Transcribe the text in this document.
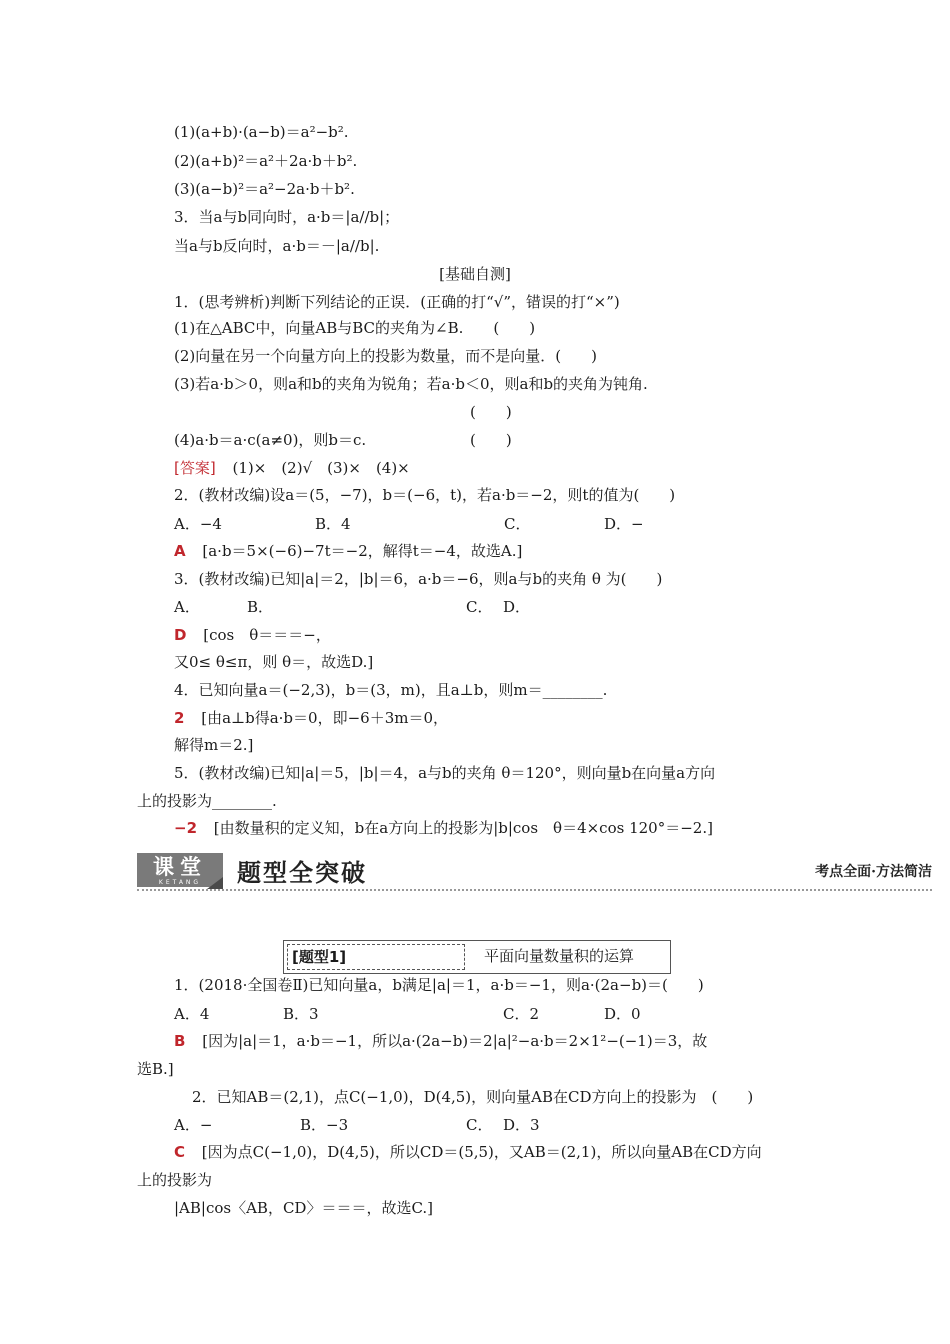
(1)(a+b)·(a−b)＝a²−b².
(2)(a+b)²＝a²＋2a·b＋b².
(3)(a−b)²＝a²−2a·b＋b².
3．当a与b同向时，a·b＝|a//b|；
当a与b反向时，a·b＝－|a//b|.
[基础自测]
1．(思考辨析)判断下列结论的正误．(正确的打“√”，错误的打“×”)
(1)在△ABC中，向量AB与BC的夹角为∠B.　　(　　)
(2)向量在另一个向量方向上的投影为数量，而不是向量．(　　)
(3)若a·b＞0，则a和b的夹角为锐角；若a·b＜0，则a和b的夹角为钝角.
(　　)
(4)a·b＝a·c(a≠0)，则b＝c.	(　　)
[答案] (1)×　(2)√　(3)×　(4)×
2．(教材改编)设a＝(5，−7)，b＝(−6，t)，若a·b＝−2，则t的值为(　　)
A．−4	B．4	C．	D．−
A [a·b＝5×(−6)−7t＝−2，解得t＝−4，故选A.]
3．(教材改编)已知|a|＝2，|b|＝6，a·b＝−6，则a与b的夹角 θ 为(　　)
A．	B．	C． D．
D [cos　θ＝＝＝−，
又0≤ θ≤π，则 θ＝，故选D.]
4．已知向量a＝(−2,3)，b＝(3，m)，且a⊥b，则m＝________.
2 [由a⊥b得a·b＝0，即−6＋3m＝0，
解得m＝2.]
5．(教材改编)已知|a|＝5，|b|＝4，a与b的夹角 θ＝120°，则向量b在向量a方向
上的投影为________.
−2 [由数量积的定义知，b在a方向上的投影为|b|cos　θ＝4×cos 120°＝−2.]
课堂
KETANG	题型全突破	考点全面·方法简洁
[题型1]	平面向量数量积的运算
1．(2018·全国卷Ⅱ)已知向量a，b满足|a|＝1，a·b＝−1，则a·(2a−b)＝(　　)
A．4	B．3	C．2	D．0
B [因为|a|＝1，a·b＝−1，所以a·(2a−b)＝2|a|²−a·b＝2×1²−(−1)＝3，故
选B.]
2．已知AB＝(2,1)，点C(−1,0)，D(4,5)，则向量AB在CD方向上的投影为　(　　)
A．−	B．−3	C． D．3
C [因为点C(−1,0)，D(4,5)，所以CD＝(5,5)，又AB＝(2,1)，所以向量AB在CD方向
上的投影为
|AB|cos〈AB，CD〉＝＝＝，故选C.]
